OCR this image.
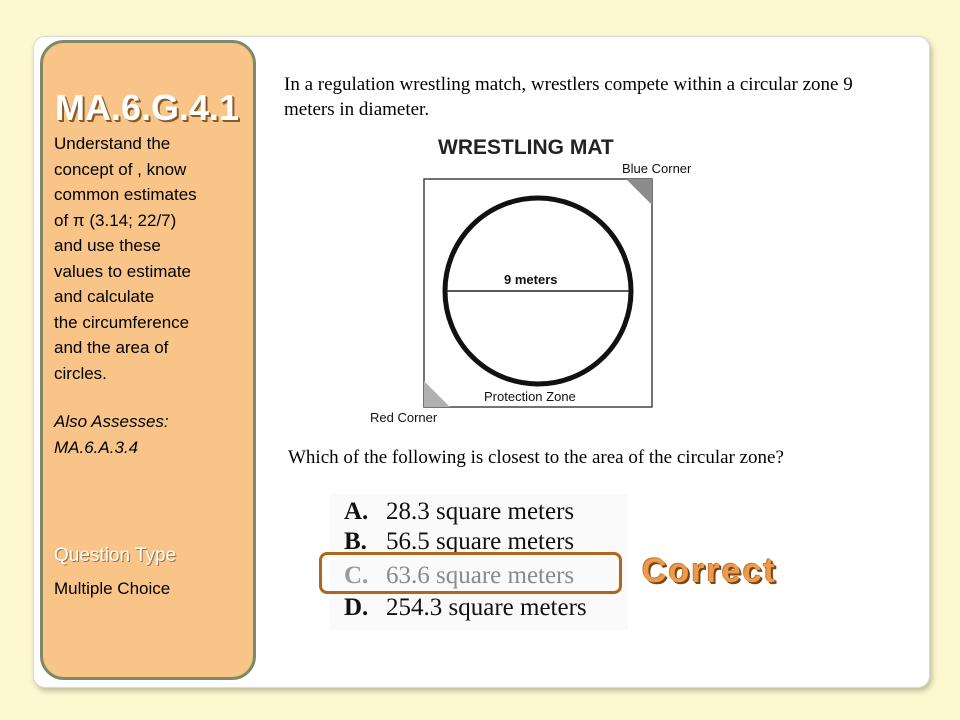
MA.6.G.4.1
Understand the
concept of , know
common estimates
of π (3.14; 22/7)
and use these
values to estimate
and calculate
the circumference
and the area of
circles.
Also Assesses:
MA.6.A.3.4
Question Type
Multiple Choice
In a regulation wrestling match, wrestlers compete within a circular zone 9 meters in diameter.
WRESTLING MAT
Blue Corner
9 meters
Protection Zone
Red Corner
Which of the following is closest to the area of the circular zone?
A. 28.3 square meters
B. 56.5 square meters
C. 63.6 square meters
D. 254.3 square meters
Correct
